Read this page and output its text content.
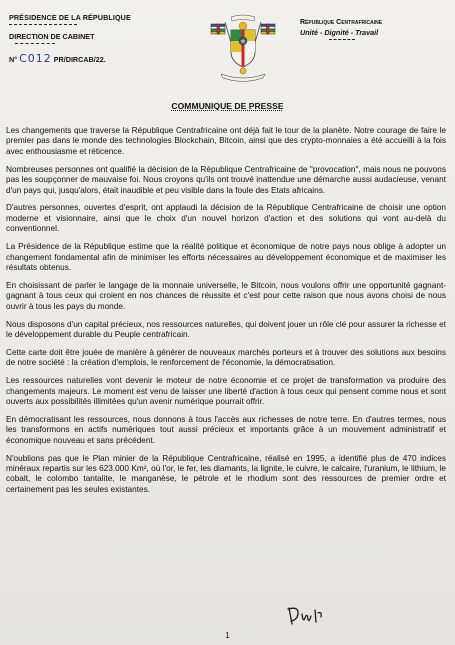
PRÉSIDENCE DE LA RÉPUBLIQUE
DIRECTION DE CABINET
N° C012 PR/DIRCAB/22.
République Centrafricaine
Unité - Dignité - Travail
COMMUNIQUE DE PRESSE

Les changements que traverse la République Centrafricaine ont déjà fait le tour de la planète. Notre courage de faire le premier pas dans le monde des technologies Blockchain, Bitcoin, ainsi que des crypto-monnaies a été accueilli à la fois avec enthousiasme et réticence.

Nombreuses personnes ont qualifié la décision de la République Centrafricaine de "provocation", mais nous ne pouvons pas les soupçonner de mauvaise foi. Nous croyons qu'ils ont trouvé inattendue une démarche aussi audacieuse, venant d'un pays qui, jusqu'alors, était inaudible et peu visible dans la foule des Etats africains.

D'autres personnes, ouvertes d'esprit, ont applaudi la décision de la République Centrafricaine de choisir une option moderne et visionnaire, ainsi que le choix d'un nouvel horizon d'action et des solutions qui vont au-delà du conventionnel.

La Présidence de la République estime que la réalité politique et économique de notre pays nous oblige à adopter un changement fondamental afin de minimiser les efforts nécessaires au développement économique et de maximiser les résultats obtenus.

En choisissant de parler le langage de la monnaie universelle, le Bitcoin, nous voulons offrir une opportunité gagnant-gagnant à tous ceux qui croient en nos chances de réussite et c'est pour cette raison que nous avons choisi de nous ouvrir à tous les pays du monde.

Nous disposons d'un capital précieux, nos ressources naturelles, qui doivent jouer un rôle clé pour assurer la richesse et le développement durable du Peuple centrafricain.

Cette carte doit être jouée de manière à générer de nouveaux marchés porteurs et à trouver des solutions aux besoins de notre société : la création d'emplois, le renforcement de l'économie, la démocratisation.

Les ressources naturelles vont devenir le moteur de notre économie et ce projet de transformation va produire des changements majeurs. Le moment est venu de laisser une liberté d'action à tous ceux qui pensent comme nous et sont ouverts aux possibilités illimitées qu'un avenir numérique pourrait offrir.

En démocratisant les ressources, nous donnons à tous l'accès aux richesses de notre terre. En d'autres termes, nous les transformons en actifs numériques tout aussi précieux et importants grâce à un mouvement administratif et économique nouveau et sans précédent.

N'oublions pas que le Plan minier de la République Centrafricaine, réalisé en 1995, a identifié plus de 470 indices minéraux repartis sur les 623.000 Km², où l'or, le fer, les diamants, la lignite, le cuivre, le calcaire, l'uranium, le lithium, le cobalt, le colombo tantalite, le manganèse, le pétrole et le rhodium sont des ressources de premier ordre et certainement pas les seules existantes.

1
